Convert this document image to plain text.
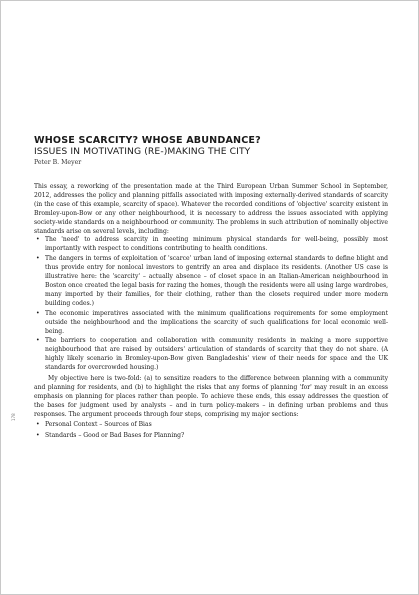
178
WHOSE SCARCITY? WHOSE ABUNDANCE?
ISSUES IN MOTIVATING (RE-)MAKING THE CITY
Peter B. Meyer

This essay, a reworking of the presentation made at the Third European Urban Summer School in September, 2012, addresses the policy and planning pitfalls associated with imposing externally-derived standards of scarcity (in the case of this example, scarcity of space). Whatever the recorded conditions of 'objective' scarcity existent in Bromley-upon-Bow or any other neighbourhood, it is necessary to address the issues associated with applying society-wide standards on a neighbourhood or community. The problems in such attribution of nominally objective standards arise on several levels, including:

• The 'need' to address scarcity in meeting minimum physical standards for well-being, possibly most importantly with respect to conditions contributing to health conditions.
• The dangers in terms of exploitation of 'scarce' urban land of imposing external standards to define blight and thus provide entry for nonlocal investors to gentrify an area and displace its residents. (Another US case is illustrative here: the 'scarcity' – actually absence – of closet space in an Italian-American neighbourhood in Boston once created the legal basis for razing the homes, though the residents were all using large wardrobes, many imported by their families, for their clothing, rather than the closets required under more modern building codes.)
• The economic imperatives associated with the minimum qualifications requirements for some employment outside the neighbourhood and the implications the scarcity of such qualifications for local economic well-being.
• The barriers to cooperation and collaboration with community residents in making a more supportive neighbourhood that are raised by outsiders' articulation of standards of scarcity that they do not share. (A highly likely scenario in Bromley-upon-Bow given Bangladeshis' view of their needs for space and the UK standards for overcrowded housing.)

My objective here is two-fold: (a) to sensitize readers to the difference between planning with a community and planning for residents, and (b) to highlight the risks that any forms of planning 'for' may result in an excess emphasis on planning for places rather than people. To achieve these ends, this essay addresses the question of the bases for judgment used by analysts – and in turn policy-makers – in defining urban problems and thus responses. The argument proceeds through four steps, comprising my major sections:

• Personal Context – Sources of Bias
• Standards – Good or Bad Bases for Planning?
